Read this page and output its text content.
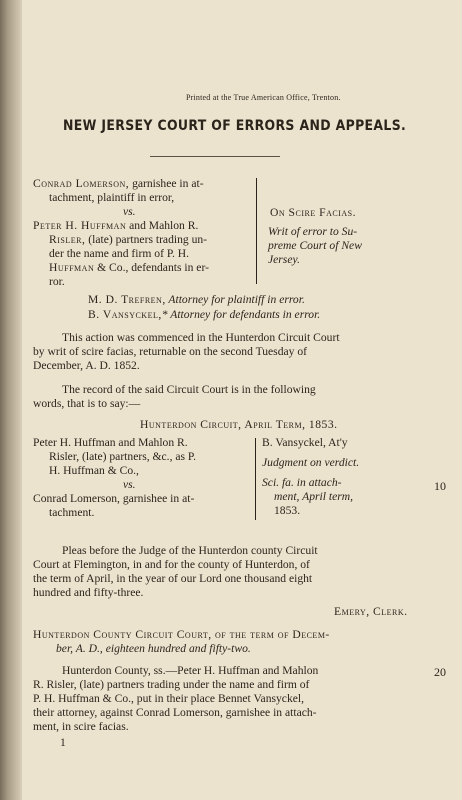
Printed at the True American Office, Trenton.
NEW JERSEY COURT OF ERRORS AND APPEALS.
Conrad Lomerson, garnishee in at-
tachment, plaintiff in error,
vs.
Peter H. Huffman and Mahlon R.
Risler, (late) partners trading un-
der the name and firm of P. H.
Huffman & Co., defendants in er-
ror.
On Scire Facias.
Writ of error to Su-
preme Court of New
Jersey.
M. D. Trefren, Attorney for plaintiff in error.
B. Vansyckel,* Attorney for defendants in error.
This action was commenced in the Hunterdon Circuit Court
by writ of scire facias, returnable on the second Tuesday of
December, A. D. 1852.
The record of the said Circuit Court is in the following
words, that is to say:—
Hunterdon Circuit, April Term, 1853.
Peter H. Huffman and Mahlon R.
Risler, (late) partners, &c., as P.
H. Huffman & Co.,
vs.
Conrad Lomerson, garnishee in at-
tachment.
B. Vansyckel, At'y
Judgment on verdict.
Sci. fa. in attach-
ment, April term,
1853.
10
Pleas before the Judge of the Hunterdon county Circuit
Court at Flemington, in and for the county of Hunterdon, of
the term of April, in the year of our Lord one thousand eight
hundred and fifty-three.
Emery, Clerk.
Hunterdon County Circuit Court, of the term of Decem-
ber, A. D., eighteen hundred and fifty-two.
Hunterdon County, ss.—Peter H. Huffman and Mahlon	20
R. Risler, (late) partners trading under the name and firm of
P. H. Huffman & Co., put in their place Bennet Vansyckel,
their attorney, against Conrad Lomerson, garnishee in attach-
ment, in scire facias.
1
